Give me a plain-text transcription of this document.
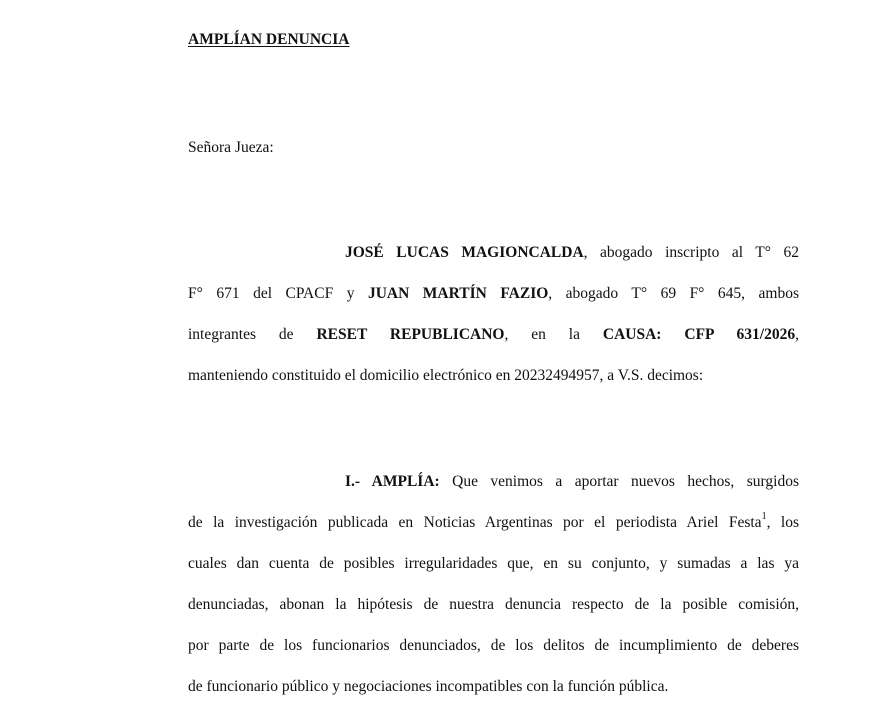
AMPLÍAN DENUNCIA
Señora Jueza:
JOSÉ LUCAS MAGIONCALDA, abogado inscripto al T° 62
F° 671 del CPACF y JUAN MARTÍN FAZIO, abogado T° 69 F° 645, ambos
integrantes de RESET REPUBLICANO, en la CAUSA: CFP 631/2026,
manteniendo constituido el domicilio electrónico en 20232494957, a V.S. decimos:
I.- AMPLÍA: Que venimos a aportar nuevos hechos, surgidos
de la investigación publicada en Noticias Argentinas por el periodista Ariel Festa$^1$, los
cuales dan cuenta de posibles irregularidades que, en su conjunto, y sumadas a las ya
denunciadas, abonan la hipótesis de nuestra denuncia respecto de la posible comisión,
por parte de los funcionarios denunciados, de los delitos de incumplimiento de deberes
de funcionario público y negociaciones incompatibles con la función pública.
